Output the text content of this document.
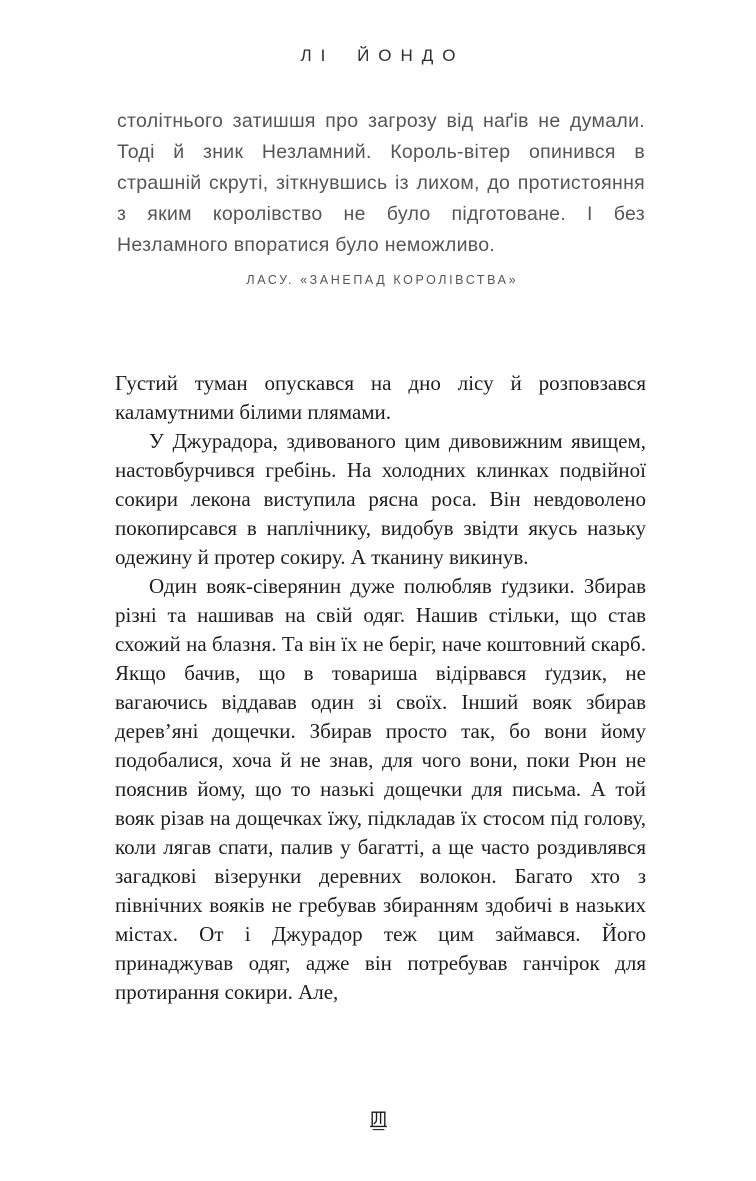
ЛІ ЙОНДО

столітнього затишшя про загрозу від наґів не думали. Тоді й зник Незламний. Король-вітер опинився в страшній скруті, зіткнувшись із лихом, до протистояння з яким королівство не було підготоване. І без Незламного впоратися було неможливо.

ЛАСУ. «ЗАНЕПАД КОРОЛІВСТВА»

Густий туман опускався на дно лісу й розповзався каламутними білими плямами.

У Джурадора, здивованого цим дивовижним явищем, настовбурчився гребінь. На холодних клинках подвійної сокири лекона виступила рясна роса. Він невдоволено покопирсався в наплічнику, видобув звідти якусь назьку одежину й протер сокиру. А тканину викинув.

Один вояк-сіверянин дуже полюбляв ґудзики. Збирав різні та нашивав на свій одяг. Нашив стільки, що став схожий на блазня. Та він їх не беріг, наче коштовний скарб. Якщо бачив, що в товариша відірвався ґудзик, не вагаючись віддавав один зі своїх. Інший вояк збирав дерев’яні дощечки. Збирав просто так, бо вони йому подобалися, хоча й не знав, для чого вони, поки Рюн не пояснив йому, що то назькі дощечки для письма. А той вояк різав на дощечках їжу, підкладав їх стосом під голову, коли лягав спати, палив у багатті, а ще часто роздивлявся загадкові візерунки деревних волокон. Багато хто з північних вояків не гребував збиранням здобичі в назьких містах. От і Джурадор теж цим займався. Його принаджував одяг, адже він потребував ганчірок для протирання сокири. Але,
